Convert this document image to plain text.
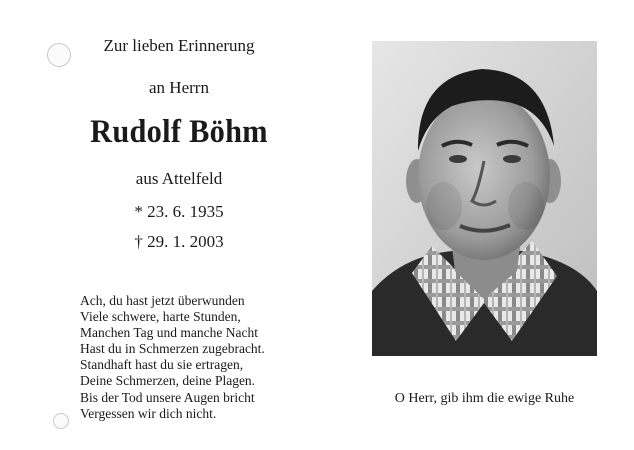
Zur lieben Erinnerung
an Herrn
Rudolf Böhm
aus Attelfeld
* 23. 6. 1935
† 29. 1. 2003
Ach, du hast jetzt überwunden
Viele schwere, harte Stunden,
Manchen Tag und manche Nacht
Hast du in Schmerzen zugebracht.
Standhaft hast du sie ertragen,
Deine Schmerzen, deine Plagen.
Bis der Tod unsere Augen bricht
Vergessen wir dich nicht.
O Herr, gib ihm die ewige Ruhe
